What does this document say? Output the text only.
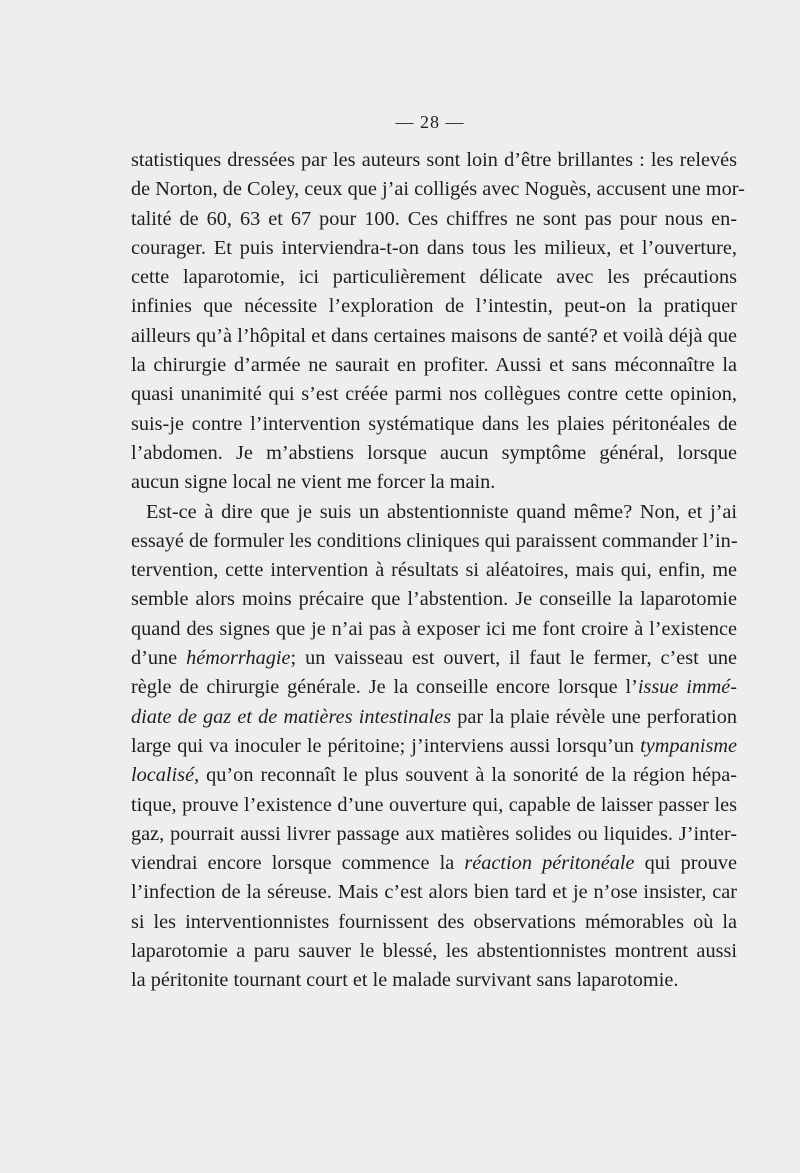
— 28 —
statistiques dressées par les auteurs sont loin d’être brillantes : les relevés
de Norton, de Coley, ceux que j’ai colligés avec Noguès, accusent une mor-
talité de 60, 63 et 67 pour 100. Ces chiffres ne sont pas pour nous en-
courager. Et puis interviendra-t-on dans tous les milieux, et l’ouverture,
cette laparotomie, ici particulièrement délicate avec les précautions
infinies que nécessite l’exploration de l’intestin, peut-on la pratiquer
ailleurs qu’à l’hôpital et dans certaines maisons de santé? et voilà déjà que
la chirurgie d’armée ne saurait en profiter. Aussi et sans méconnaître la
quasi unanimité qui s’est créée parmi nos collègues contre cette opinion,
suis-je contre l’intervention systématique dans les plaies péritonéales de
l’abdomen. Je m’abstiens lorsque aucun symptôme général, lorsque
aucun signe local ne vient me forcer la main.
Est-ce à dire que je suis un abstentionniste quand même? Non, et j’ai
essayé de formuler les conditions cliniques qui paraissent commander l’in-
tervention, cette intervention à résultats si aléatoires, mais qui, enfin, me
semble alors moins précaire que l’abstention. Je conseille la laparotomie
quand des signes que je n’ai pas à exposer ici me font croire à l’existence
d’une hémorrhagie; un vaisseau est ouvert, il faut le fermer, c’est une
règle de chirurgie générale. Je la conseille encore lorsque l’issue immé-
diate de gaz et de matières intestinales par la plaie révèle une perforation
large qui va inoculer le péritoine; j’interviens aussi lorsqu’un tympanisme
localisé, qu’on reconnaît le plus souvent à la sonorité de la région hépa-
tique, prouve l’existence d’une ouverture qui, capable de laisser passer les
gaz, pourrait aussi livrer passage aux matières solides ou liquides. J’inter-
viendrai encore lorsque commence la réaction péritonéale qui prouve
l’infection de la séreuse. Mais c’est alors bien tard et je n’ose insister, car
si les interventionnistes fournissent des observations mémorables où la
laparotomie a paru sauver le blessé, les abstentionnistes montrent aussi
la péritonite tournant court et le malade survivant sans laparotomie.
